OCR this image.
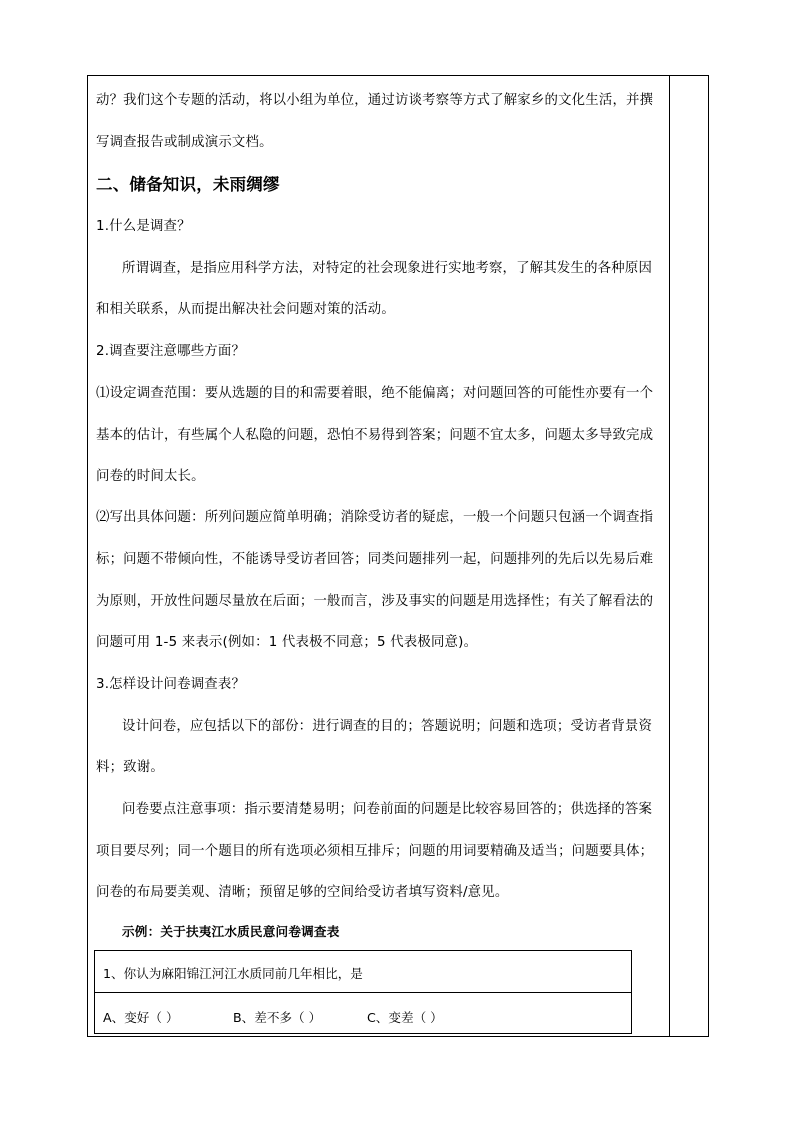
动？我们这个专题的活动，将以小组为单位，通过访谈考察等方式了解家乡的文化生活，并撰
写调查报告或制成演示文档。
二、储备知识，未雨绸缪
1.什么是调查？
所谓调查，是指应用科学方法，对特定的社会现象进行实地考察，了解其发生的各种原因
和相关联系，从而提出解决社会问题对策的活动。
2.调查要注意哪些方面？
⑴设定调查范围：要从选题的目的和需要着眼，绝不能偏离；对问题回答的可能性亦要有一个
基本的估计，有些属个人私隐的问题，恐怕不易得到答案；问题不宜太多，问题太多导致完成
问卷的时间太长。
⑵写出具体问题：所列问题应简单明确；消除受访者的疑虑，一般一个问题只包涵一个调查指
标；问题不带倾向性，不能诱导受访者回答；同类问题排列一起，问题排列的先后以先易后难
为原则，开放性问题尽量放在后面；一般而言，涉及事实的问题是用选择性；有关了解看法的
问题可用 1-5 来表示(例如：1 代表极不同意；5 代表极同意)。
3.怎样设计问卷调查表？
设计问卷，应包括以下的部份：进行调查的目的；答题说明；问题和选项；受访者背景资
料；致谢。
问卷要点注意事项：指示要清楚易明；问卷前面的问题是比较容易回答的；供选择的答案
项目要尽列；同一个题目的所有选项必须相互排斥；问题的用词要精确及适当；问题要具体；
问卷的布局要美观、清晰；预留足够的空间给受访者填写资料/意见。
示例：关于扶夷江水质民意问卷调查表
1、你认为麻阳锦江河江水质同前几年相比，是
A、变好（ ）	B、差不多（ ）	C、变差（ ）
